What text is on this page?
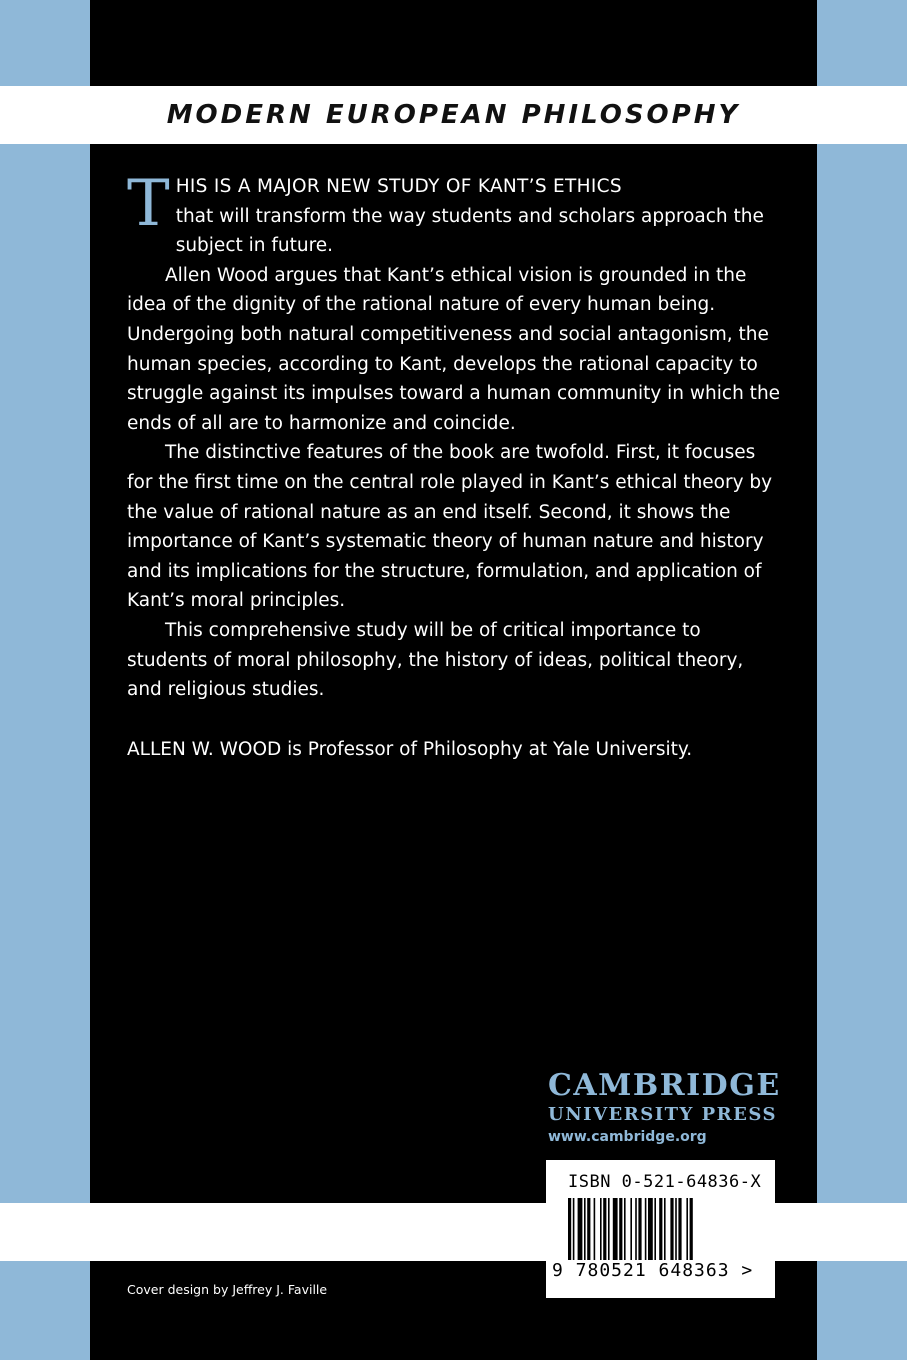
MODERN EUROPEAN PHILOSOPHY

THIS IS A MAJOR NEW STUDY OF KANT’S ETHICS
that will transform the way students and scholars approach the subject in future.

Allen Wood argues that Kant’s ethical vision is grounded in the idea of the dignity of the rational nature of every human being. Undergoing both natural competitiveness and social antagonism, the human species, according to Kant, develops the rational capacity to struggle against its impulses toward a human community in which the ends of all are to harmonize and coincide.

The distinctive features of the book are twofold. First, it focuses for the first time on the central role played in Kant’s ethical theory by the value of rational nature as an end itself. Second, it shows the importance of Kant’s systematic theory of human nature and history and its implications for the structure, formulation, and application of Kant’s moral principles.

This comprehensive study will be of critical importance to students of moral philosophy, the history of ideas, political theory, and religious studies.

ALLEN W. WOOD is Professor of Philosophy at Yale University.
CAMBRIDGE
UNIVERSITY PRESS
www.cambridge.org
ISBN 0-521-64836-X
9 780521 648363 >
Cover design by Jeffrey J. Faville
